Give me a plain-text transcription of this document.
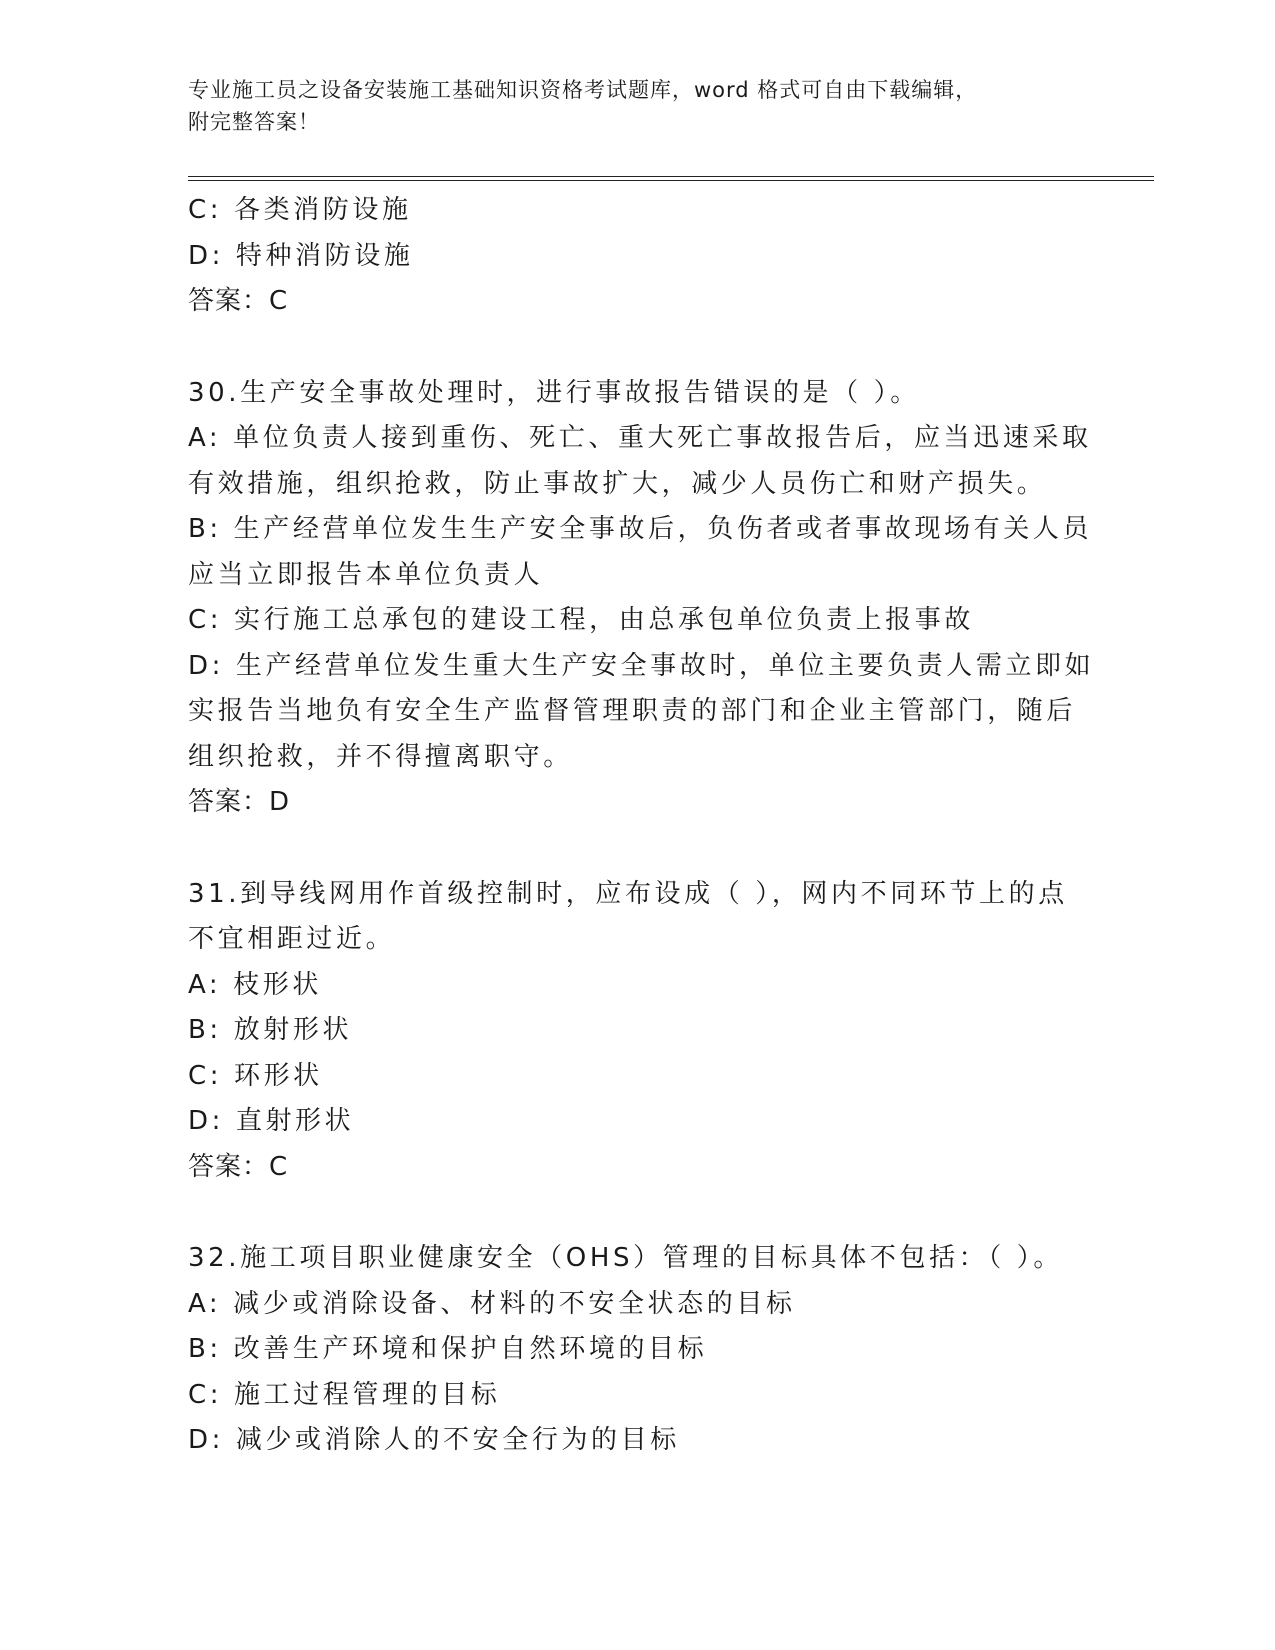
专业施工员之设备安装施工基础知识资格考试题库，word 格式可自由下载编辑，
附完整答案！
C: 各类消防设施
D: 特种消防设施
答案：C
30.生产安全事故处理时，进行事故报告错误的是（ ）。
A: 单位负责人接到重伤、死亡、重大死亡事故报告后，应当迅速采取
有效措施，组织抢救，防止事故扩大，减少人员伤亡和财产损失。
B: 生产经营单位发生生产安全事故后，负伤者或者事故现场有关人员
应当立即报告本单位负责人
C: 实行施工总承包的建设工程，由总承包单位负责上报事故
D: 生产经营单位发生重大生产安全事故时，单位主要负责人需立即如
实报告当地负有安全生产监督管理职责的部门和企业主管部门，随后
组织抢救，并不得擅离职守。
答案：D
31.到导线网用作首级控制时，应布设成（ ），网内不同环节上的点
不宜相距过近。
A: 枝形状
B: 放射形状
C: 环形状
D: 直射形状
答案：C
32.施工项目职业健康安全（OHS）管理的目标具体不包括：（ ）。
A: 减少或消除设备、材料的不安全状态的目标
B: 改善生产环境和保护自然环境的目标
C: 施工过程管理的目标
D: 减少或消除人的不安全行为的目标
